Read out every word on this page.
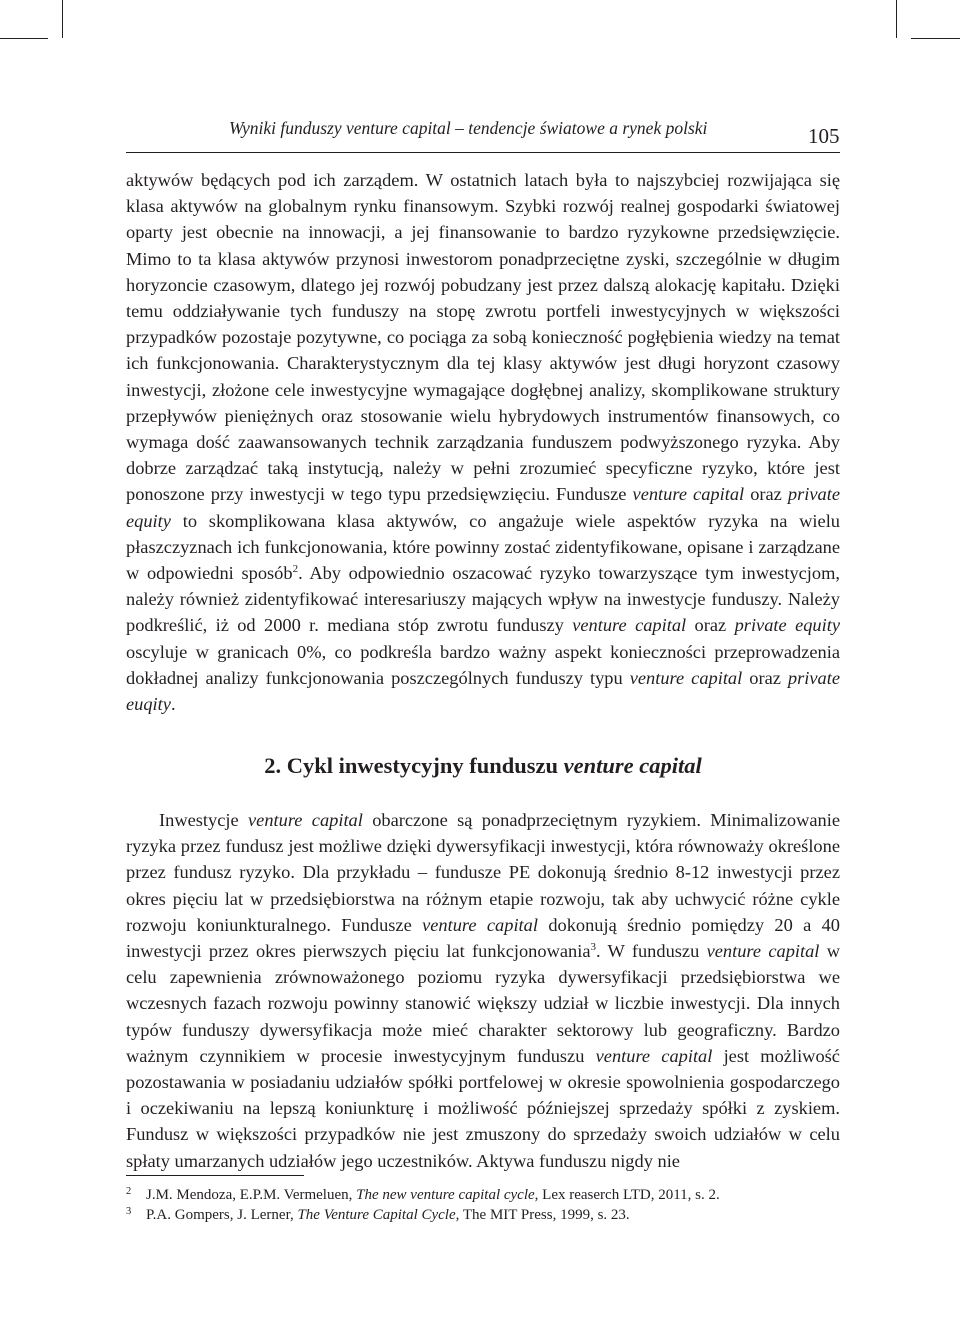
Wyniki funduszy venture capital – tendencje światowe a rynek polski	105

aktywów będących pod ich zarządem. W ostatnich latach była to najszybciej rozwijająca się klasa aktywów na globalnym rynku finansowym. Szybki rozwój realnej gospodarki światowej oparty jest obecnie na innowacji, a jej finansowanie to bardzo ryzykowne przedsięwzięcie. Mimo to ta klasa aktywów przynosi inwestorom ponadprzeciętne zyski, szczególnie w długim horyzoncie czasowym, dlatego jej rozwój pobudzany jest przez dalszą alokację kapitału. Dzięki temu oddziaływanie tych funduszy na stopę zwrotu portfeli inwestycyjnych w większości przypadków pozostaje pozytywne, co pociąga za sobą konieczność pogłębienia wiedzy na temat ich funkcjonowania. Charakterystycznym dla tej klasy aktywów jest długi horyzont czasowy inwestycji, złożone cele inwestycyjne wymagające dogłębnej analizy, skomplikowane struktury przepływów pieniężnych oraz stosowanie wielu hybrydowych instrumentów finansowych, co wymaga dość zaawansowanych technik zarządzania funduszem podwyższonego ryzyka. Aby dobrze zarządzać taką instytucją, należy w pełni zrozumieć specyficzne ryzyko, które jest ponoszone przy inwestycji w tego typu przedsięwzięciu. Fundusze venture capital oraz private equity to skomplikowana klasa aktywów, co angażuje wiele aspektów ryzyka na wielu płaszczyznach ich funkcjonowania, które powinny zostać zidentyfikowane, opisane i zarządzane w odpowiedni sposób$^2$. Aby odpowiednio oszacować ryzyko towarzyszące tym inwestycjom, należy również zidentyfikować interesariuszy mających wpływ na inwestycje funduszy. Należy podkreślić, iż od 2000 r. mediana stóp zwrotu funduszy venture capital oraz private equity oscyluje w granicach 0%, co podkreśla bardzo ważny aspekt konieczności przeprowadzenia dokładnej analizy funkcjonowania poszczególnych funduszy typu venture capital oraz private euqity.

2. Cykl inwestycyjny funduszu venture capital

Inwestycje venture capital obarczone są ponadprzeciętnym ryzykiem. Minimalizowanie ryzyka przez fundusz jest możliwe dzięki dywersyfikacji inwestycji, która równoważy określone przez fundusz ryzyko. Dla przykładu – fundusze PE dokonują średnio 8-12 inwestycji przez okres pięciu lat w przedsiębiorstwa na różnym etapie rozwoju, tak aby uchwycić różne cykle rozwoju koniunkturalnego. Fundusze venture capital dokonują średnio pomiędzy 20 a 40 inwestycji przez okres pierwszych pięciu lat funkcjonowania$^3$. W funduszu venture capital w celu zapewnienia zrównoważonego poziomu ryzyka dywersyfikacji przedsiębiorstwa we wczesnych fazach rozwoju powinny stanowić większy udział w liczbie inwestycji. Dla innych typów funduszy dywersyfikacja może mieć charakter sektorowy lub geograficzny. Bardzo ważnym czynnikiem w procesie inwestycyjnym funduszu venture capital jest możliwość pozostawania w posiadaniu udziałów spółki portfelowej w okresie spowolnienia gospodarczego i oczekiwaniu na lepszą koniunkturę i możliwość późniejszej sprzedaży spółki z zyskiem. Fundusz w większości przypadków nie jest zmuszony do sprzedaży swoich udziałów w celu spłaty umarzanych udziałów jego uczestników. Aktywa funduszu nigdy nie

2 J.M. Mendoza, E.P.M. Vermeluen, The new venture capital cycle, Lex reaserch LTD, 2011, s. 2.
3 P.A. Gompers, J. Lerner, The Venture Capital Cycle, The MIT Press, 1999, s. 23.
